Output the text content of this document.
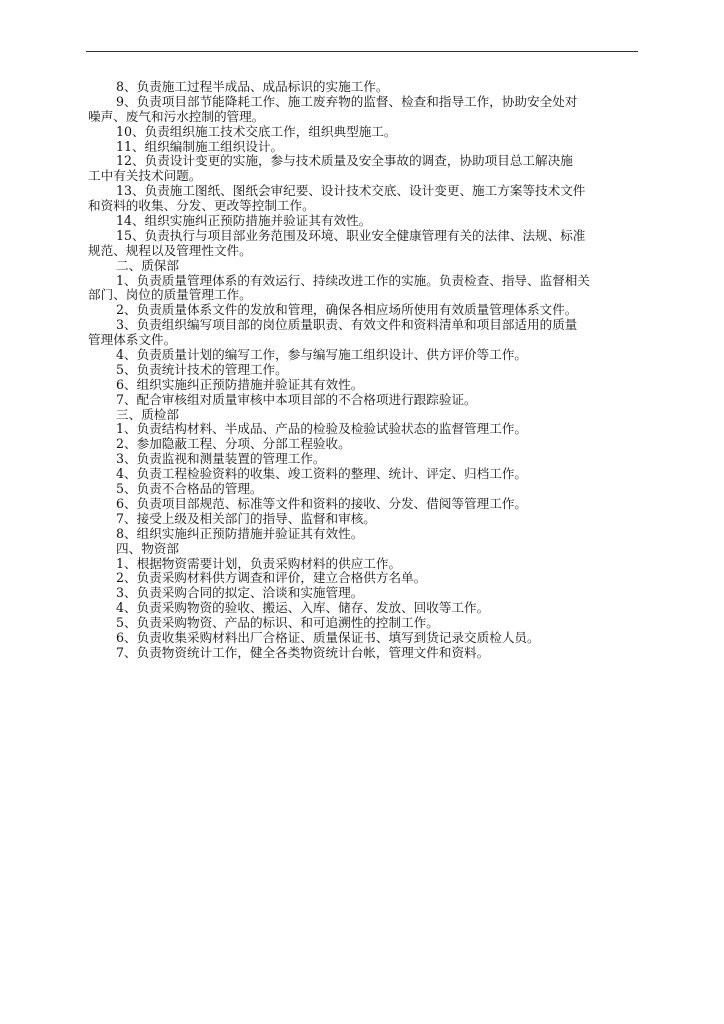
8、负责施工过程半成品、成品标识的实施工作。
9、负责项目部节能降耗工作、施工废弃物的监督、检查和指导工作，协助安全处对
噪声、废气和污水控制的管理。
10、负责组织施工技术交底工作，组织典型施工。
11、组织编制施工组织设计。
12、负责设计变更的实施，参与技术质量及安全事故的调查，协助项目总工解决施
工中有关技术问题。
13、负责施工图纸、图纸会审纪要、设计技术交底、设计变更、施工方案等技术文件
和资料的收集、分发、更改等控制工作。
14、组织实施纠正预防措施并验证其有效性。
15、负责执行与项目部业务范围及环境、职业安全健康管理有关的法律、法规、标准
规范、规程以及管理性文件。
二、质保部
1、负责质量管理体系的有效运行、持续改进工作的实施。负责检查、指导、监督相关
部门、岗位的质量管理工作。
2、负责质量体系文件的发放和管理，确保各相应场所使用有效质量管理体系文件。
3、负责组织编写项目部的岗位质量职责、有效文件和资料清单和项目部适用的质量
管理体系文件。
4、负责质量计划的编写工作，参与编写施工组织设计、供方评价等工作。
5、负责统计技术的管理工作。
6、组织实施纠正预防措施并验证其有效性。
7、配合审核组对质量审核中本项目部的不合格项进行跟踪验证。
三、质检部
1、负责结构材料、半成品、产品的检验及检验试验状态的监督管理工作。
2、参加隐蔽工程、分项、分部工程验收。
3、负责监视和测量装置的管理工作。
4、负责工程检验资料的收集、竣工资料的整理、统计、评定、归档工作。
5、负责不合格品的管理。
6、负责项目部规范、标准等文件和资料的接收、分发、借阅等管理工作。
7、接受上级及相关部门的指导、监督和审核。
8、组织实施纠正预防措施并验证其有效性。
四、物资部
1、根据物资需要计划，负责采购材料的供应工作。
2、负责采购材料供方调查和评价，建立合格供方名单。
3、负责采购合同的拟定、洽谈和实施管理。
4、负责采购物资的验收、搬运、入库、储存、发放、回收等工作。
5、负责采购物资、产品的标识、和可追溯性的控制工作。
6、负责收集采购材料出厂合格证、质量保证书、填写到货记录交质检人员。
7、负责物资统计工作，健全各类物资统计台帐，管理文件和资料。
